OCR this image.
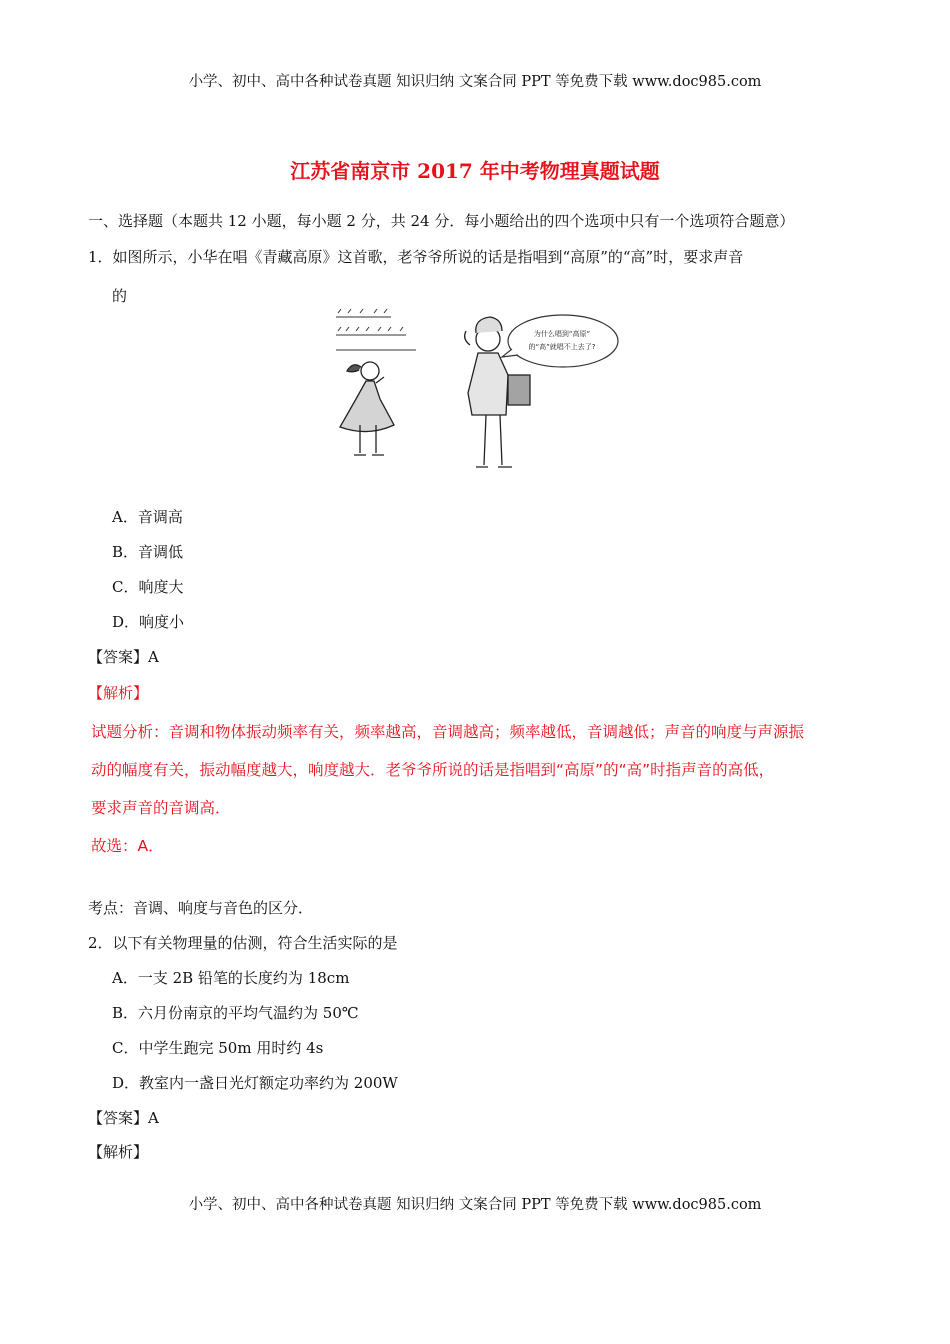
小学、初中、高中各种试卷真题 知识归纳 文案合同 PPT 等免费下载 www.doc985.com
江苏省南京市 2017 年中考物理真题试题
一、选择题（本题共 12 小题，每小题 2 分，共 24 分．每小题给出的四个选项中只有一个选项符合题意）
1．如图所示，小华在唱《青藏高原》这首歌，老爷爷所说的话是指唱到“高原”的“高”时，要求声音
的
为什么唱到“高原”
的“高”就唱不上去了?
A．音调高
B．音调低
C．响度大
D．响度小
【答案】A
【解析】
试题分析：音调和物体振动频率有关，频率越高，音调越高；频率越低，音调越低；声音的响度与声源振
动的幅度有关，振动幅度越大，响度越大．老爷爷所说的话是指唱到“高原”的“高”时指声音的高低，
要求声音的音调高．
故选：A．
考点：音调、响度与音色的区分．
2．以下有关物理量的估测，符合生活实际的是
A．一支 2B 铅笔的长度约为 18cm
B．六月份南京的平均气温约为 50℃
C．中学生跑完 50m 用时约 4s
D．教室内一盏日光灯额定功率约为 200W
【答案】A
【解析】
小学、初中、高中各种试卷真题 知识归纳 文案合同 PPT 等免费下载 www.doc985.com
